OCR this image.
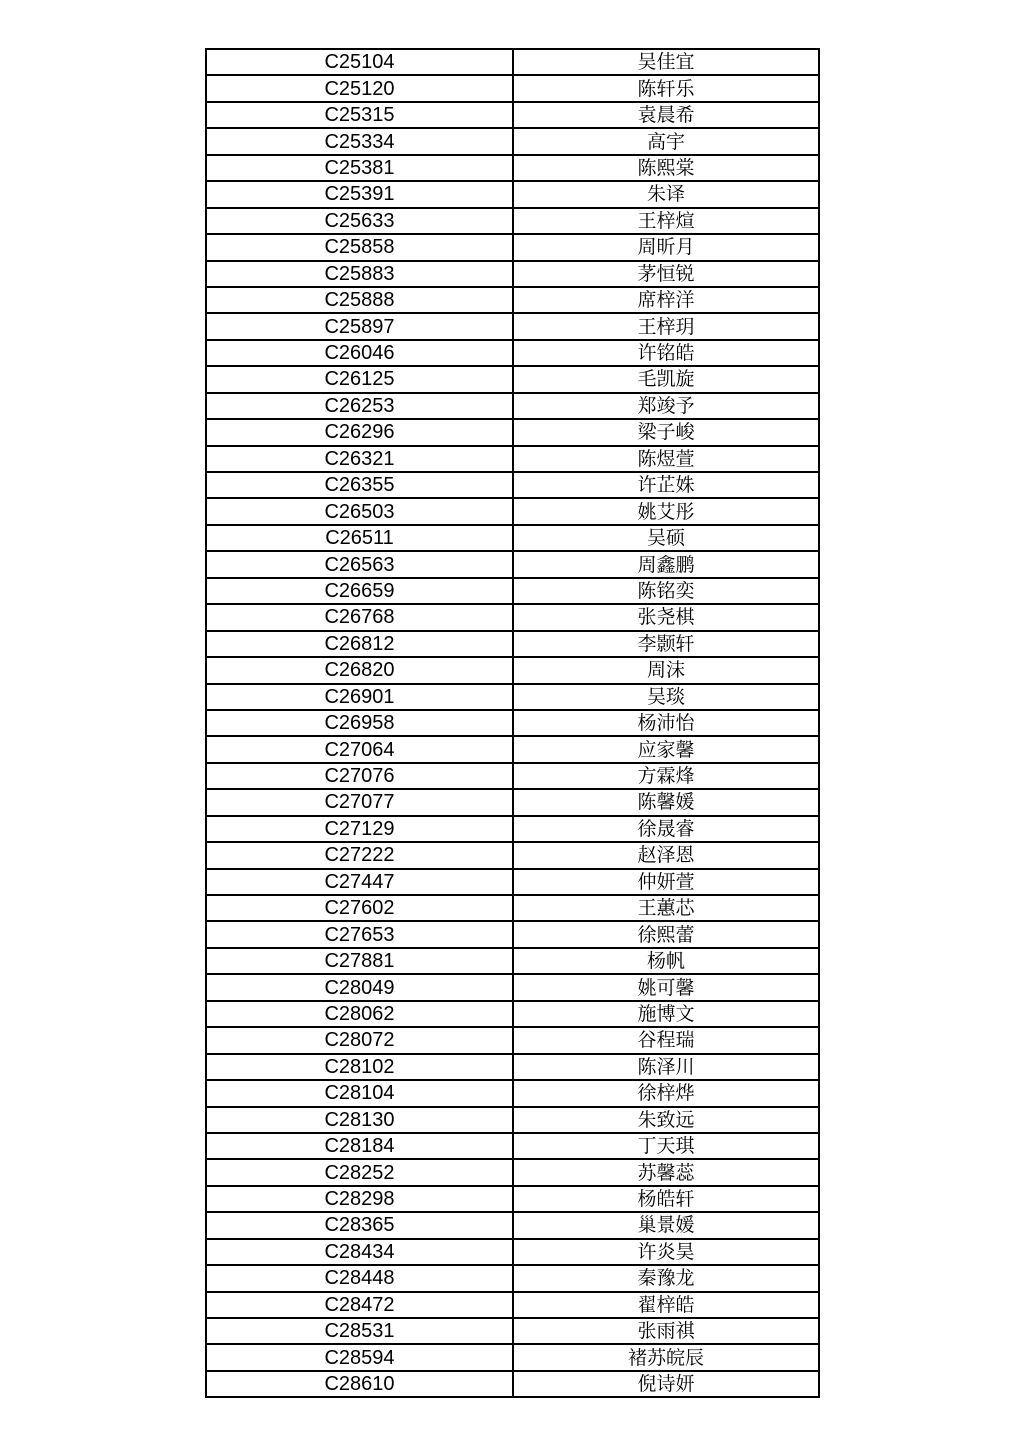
C25104	吴佳宜
C25120	陈轩乐
C25315	袁晨希
C25334	高宇
C25381	陈熙棠
C25391	朱译
C25633	王梓煊
C25858	周昕月
C25883	茅恒锐
C25888	席梓洋
C25897	王梓玥
C26046	许铭皓
C26125	毛凯旋
C26253	郑竣予
C26296	梁子峻
C26321	陈煜萱
C26355	许芷姝
C26503	姚艾彤
C26511	吴硕
C26563	周鑫鹏
C26659	陈铭奕
C26768	张尧棋
C26812	李颢轩
C26820	周沫
C26901	吴琰
C26958	杨沛怡
C27064	应家馨
C27076	方霖烽
C27077	陈馨媛
C27129	徐晟睿
C27222	赵泽恩
C27447	仲妍萱
C27602	王蕙芯
C27653	徐熙蕾
C27881	杨帆
C28049	姚可馨
C28062	施博文
C28072	谷程瑞
C28102	陈泽川
C28104	徐梓烨
C28130	朱致远
C28184	丁天琪
C28252	苏馨蕊
C28298	杨皓轩
C28365	巢景媛
C28434	许炎昊
C28448	秦豫龙
C28472	翟梓皓
C28531	张雨祺
C28594	褚苏皖辰
C28610	倪诗妍
